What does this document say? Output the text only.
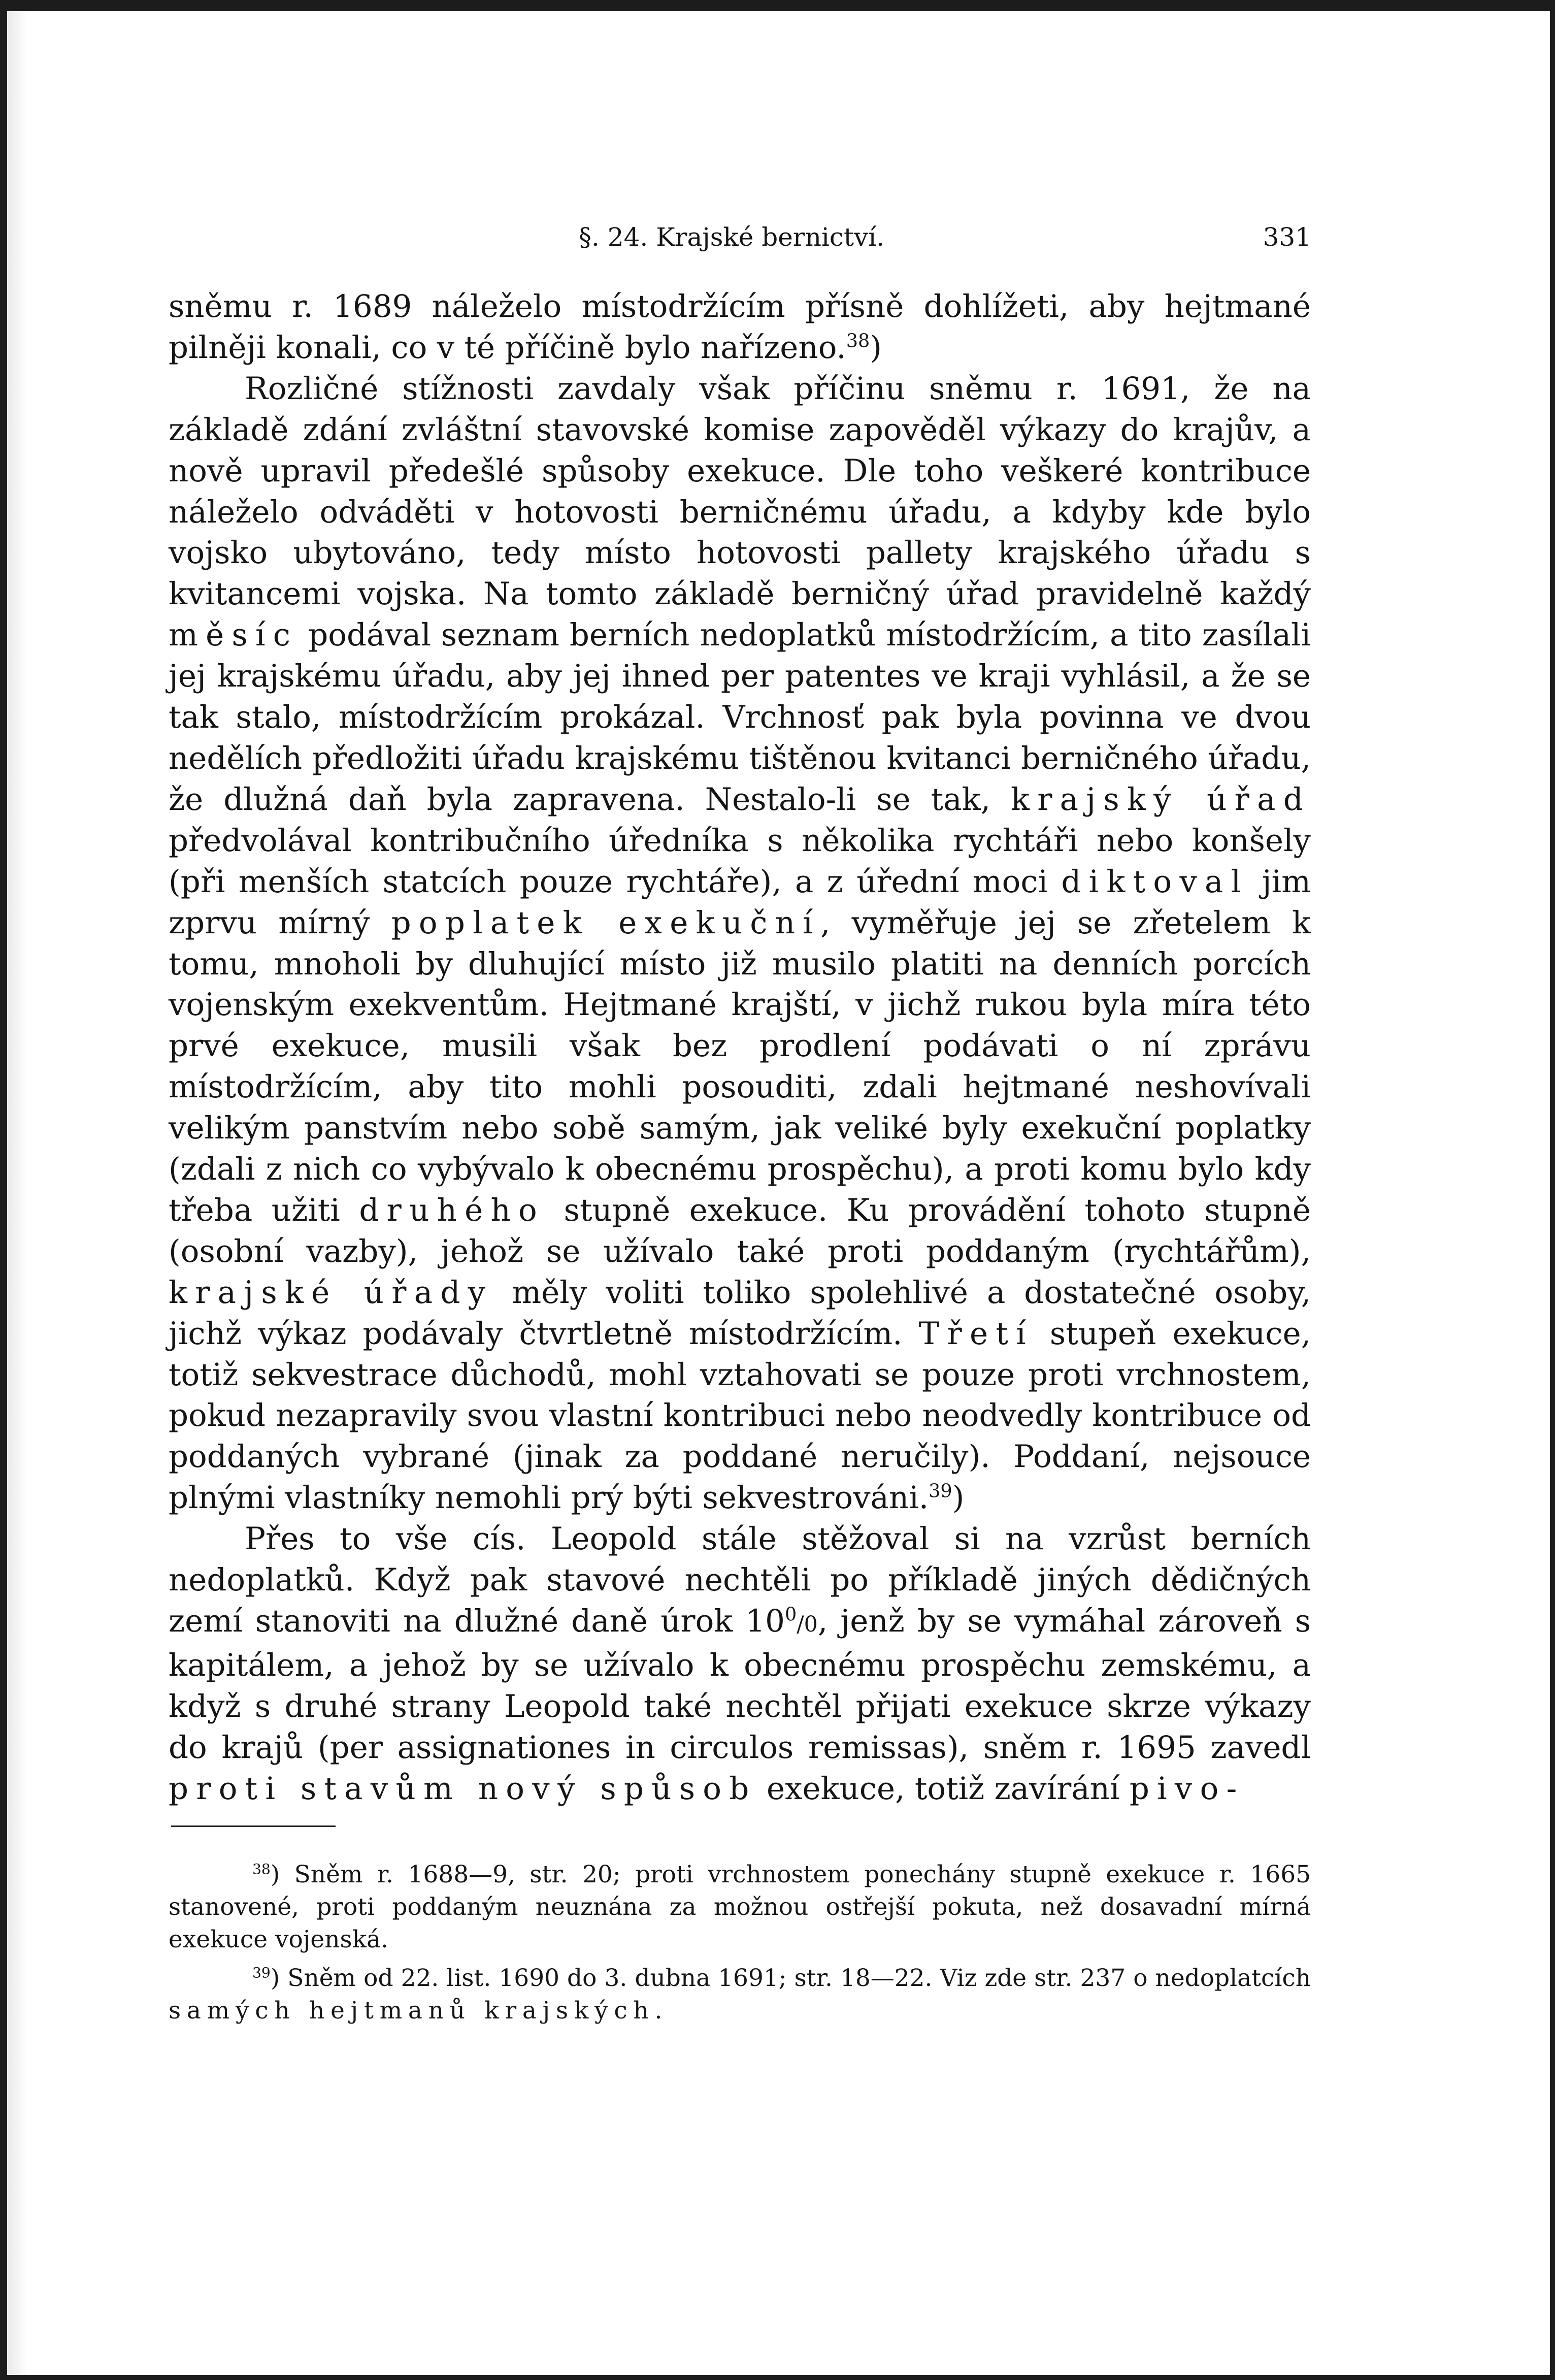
§. 24. Krajské bernictví.	331

sněmu r. 1689 náleželo místodržícím přísně dohlížeti, aby hejtmané pilněji konali, co v té příčině bylo nařízeno.$^{38}$)

Rozličné stížnosti zavdaly však příčinu sněmu r. 1691, že na základě zdání zvláštní stavovské komise zapověděl výkazy do krajův, a nově upravil předešlé spůsoby exekuce. Dle toho veškeré kontribuce náleželo odváděti v hotovosti berničnému úřadu, a kdyby kde bylo vojsko ubytováno, tedy místo hotovosti pallety krajského úřadu s kvitancemi vojska. Na tomto základě berničný úřad pravidelně každý měsíc podával seznam berních nedoplatků místodržícím, a tito zasílali jej krajskému úřadu, aby jej ihned per patentes ve kraji vyhlásil, a že se tak stalo, místodržícím prokázal. Vrchnosť pak byla povinna ve dvou nedělích předložiti úřadu krajskému tištěnou kvitanci berničného úřadu, že dlužná daň byla zapravena. Nestalo-li se tak, krajský úřad předvolával kontribučního úředníka s několika rychtáři nebo konšely (při menších statcích pouze rychtáře), a z úřední moci diktoval jim zprvu mírný poplatek exekuční, vyměřuje jej se zřetelem k tomu, mnoholi by dluhující místo již musilo platiti na denních porcích vojenským exekventům. Hejtmané krajští, v jichž rukou byla míra této prvé exekuce, musili však bez prodlení podávati o ní zprávu místodržícím, aby tito mohli posouditi, zdali hejtmané neshovívali velikým panstvím nebo sobě samým, jak veliké byly exekuční poplatky (zdali z nich co vybývalo k obecnému prospěchu), a proti komu bylo kdy třeba užiti druhého stupně exekuce. Ku provádění tohoto stupně (osobní vazby), jehož se užívalo také proti poddaným (rychtářům), krajské úřady měly voliti toliko spolehlivé a dostatečné osoby, jichž výkaz podávaly čtvrtletně místodržícím. Třetí stupeň exekuce, totiž sekvestrace důchodů, mohl vztahovati se pouze proti vrchnostem, pokud nezapravily svou vlastní kontribuci nebo neodvedly kontribuce od poddaných vybrané (jinak za poddané neručily). Poddaní, nejsouce plnými vlastníky nemohli prý býti sekvestrováni.$^{39}$)

Přes to vše cís. Leopold stále stěžoval si na vzrůst berních nedoplatků. Když pak stavové nechtěli po příkladě jiných dědičných zemí stanoviti na dlužné daně úrok $10^0/0$, jenž by se vymáhal zároveň s kapitálem, a jehož by se užívalo k obecnému prospěchu zemskému, a když s druhé strany Leopold také nechtěl přijati exekuce skrze výkazy do krajů (per assignationes in circulos remissas), sněm r. 1695 zavedl proti stavům nový spůsob exekuce, totiž zavírání pivo-

$^{38}$) Sněm r. 1688—9, str. 20; proti vrchnostem ponechány stupně exekuce r. 1665 stanovené, proti poddaným neuznána za možnou ostřejší pokuta, než dosavadní mírná exekuce vojenská.

$^{39}$) Sněm od 22. list. 1690 do 3. dubna 1691; str. 18—22. Viz zde str. 237 o nedoplatcích samých hejtmanů krajských.
